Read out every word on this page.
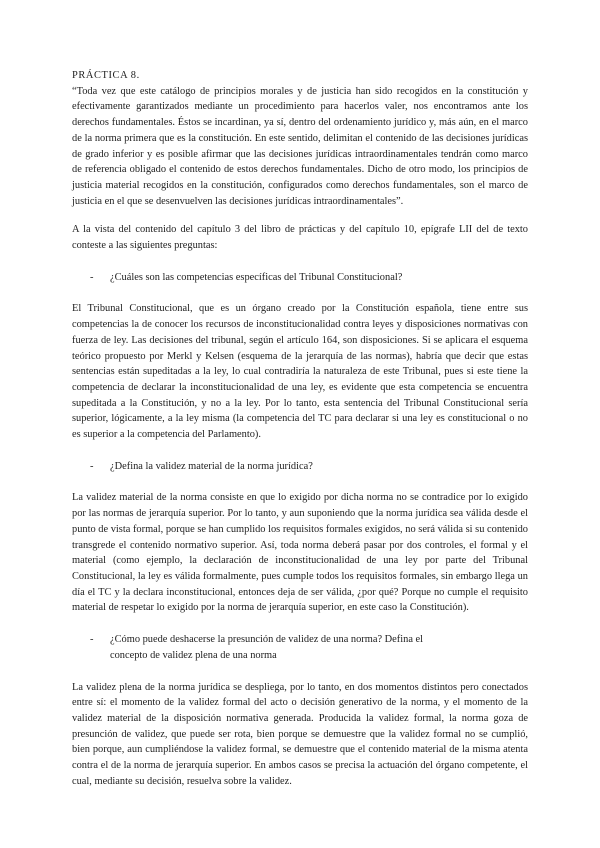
PRÁCTICA 8.

“Toda vez que este catálogo de principios morales y de justicia han sido recogidos en la constitución y efectivamente garantizados mediante un procedimiento para hacerlos valer, nos encontramos ante los derechos fundamentales. Éstos se incardinan, ya sí, dentro del ordenamiento jurídico y, más aún, en el marco de la norma primera que es la constitución. En este sentido, delimitan el contenido de las decisiones jurídicas de grado inferior y es posible afirmar que las decisiones jurídicas intraordinamentales tendrán como marco de referencia obligado el contenido de estos derechos fundamentales. Dicho de otro modo, los principios de justicia material recogidos en la constitución, configurados como derechos fundamentales, son el marco de justicia en el que se desenvuelven las decisiones jurídicas intraordinamentales”.

A la vista del contenido del capítulo 3 del libro de prácticas y del capítulo 10, epígrafe LII del de texto conteste a las siguientes preguntas:

-	¿Cuáles son las competencias específicas del Tribunal Constitucional?

El Tribunal Constitucional, que es un órgano creado por la Constitución española, tiene entre sus competencias la de conocer los recursos de inconstitucionalidad contra leyes y disposiciones normativas con fuerza de ley. Las decisiones del tribunal, según el artículo 164, son disposiciones. Si se aplicara el esquema teórico propuesto por Merkl y Kelsen (esquema de la jerarquía de las normas), habría que decir que estas sentencias están supeditadas a la ley, lo cual contradiría la naturaleza de este Tribunal, pues si este tiene la competencia de declarar la inconstitucionalidad de una ley, es evidente que esta competencia se encuentra supeditada a la Constitución, y no a la ley. Por lo tanto, esta sentencia del Tribunal Constitucional sería superior, lógicamente, a la ley misma (la competencia del TC para declarar si una ley es constitucional o no es superior a la competencia del Parlamento).

-	¿Defina la validez material de la norma jurídica?

La validez material de la norma consiste en que lo exigido por dicha norma no se contradice por lo exigido por las normas de jerarquía superior. Por lo tanto, y aun suponiendo que la norma jurídica sea válida desde el punto de vista formal, porque se han cumplido los requisitos formales exigidos, no será válida si su contenido transgrede el contenido normativo superior. Así, toda norma deberá pasar por dos controles, el formal y el material (como ejemplo, la declaración de inconstitucionalidad de una ley por parte del Tribunal Constitucional, la ley es válida formalmente, pues cumple todos los requisitos formales, sin embargo llega un día el TC y la declara inconstitucional, entonces deja de ser válida, ¿por qué? Porque no cumple el requisito material de respetar lo exigido por la norma de jerarquía superior, en este caso la Constitución).

-	¿Cómo puede deshacerse la presunción de validez de una norma? Defina el concepto de validez plena de una norma

La validez plena de la norma jurídica se despliega, por lo tanto, en dos momentos distintos pero conectados entre sí: el momento de la validez formal del acto o decisión generativo de la norma, y el momento de la validez material de la disposición normativa generada. Producida la validez formal, la norma goza de presunción de validez, que puede ser rota, bien porque se demuestre que la validez formal no se cumplió, bien porque, aun cumpliéndose la validez formal, se demuestre que el contenido material de la misma atenta contra el de la norma de jerarquía superior. En ambos casos se precisa la actuación del órgano competente, el cual, mediante su decisión, resuelva sobre la validez.
